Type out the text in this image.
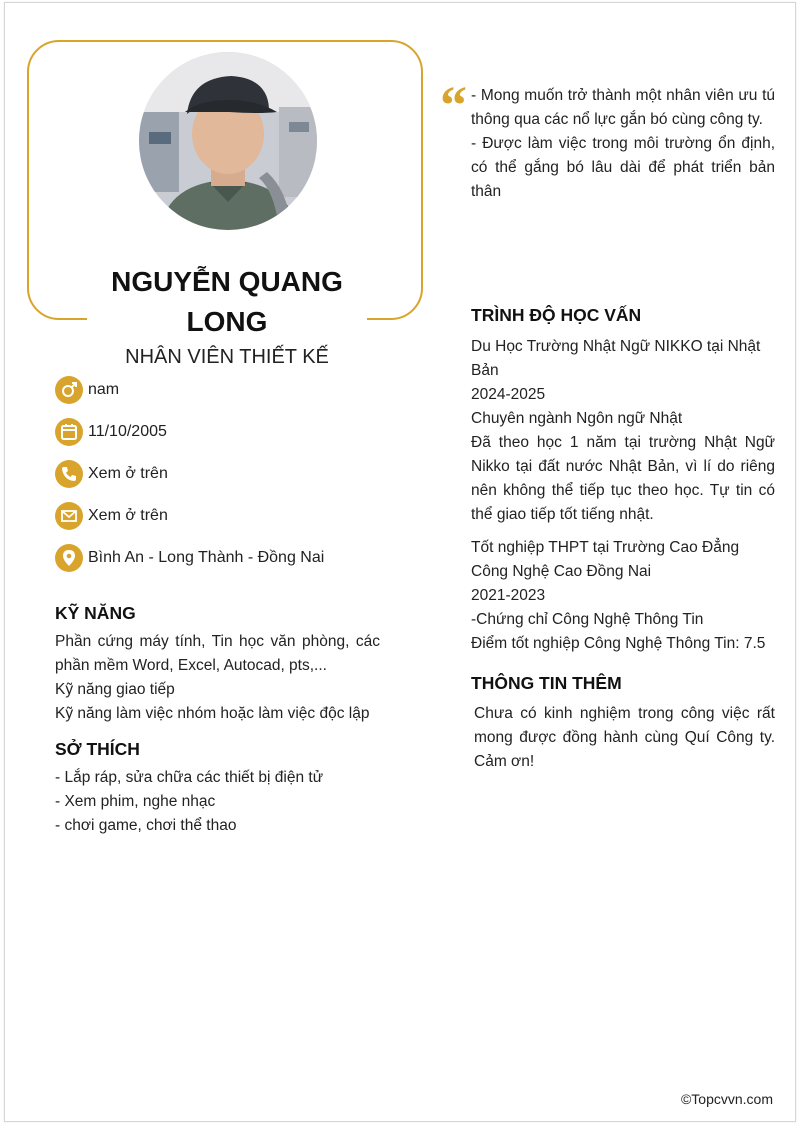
NGUYỄN QUANG
LONG
NHÂN VIÊN THIẾT KẾ
nam
11/10/2005
Xem ở trên
Xem ở trên
Bình An - Long Thành - Đồng Nai
KỸ NĂNG
Phần cứng máy tính, Tin học văn phòng, các phần mềm Word, Excel, Autocad, pts,...
Kỹ năng giao tiếp
Kỹ năng làm việc nhóm hoặc làm việc độc lập
SỞ THÍCH
- Lắp ráp, sửa chữa các thiết bị điện tử
- Xem phim, nghe nhạc
- chơi game, chơi thể thao
“ - Mong muốn trở thành một nhân viên ưu tú thông qua các nổ lực gắn bó cùng công ty.
- Được làm việc trong môi trường ổn định, có thể gắng bó lâu dài để phát triển bản thân
TRÌNH ĐỘ HỌC VẤN
Du Học Trường Nhật Ngữ NIKKO tại Nhật Bản
2024-2025
Chuyên ngành Ngôn ngữ Nhật
Đã theo học 1 năm tại trường Nhật Ngữ Nikko tại đất nước Nhật Bản, vì lí do riêng nên không thể tiếp tục theo học. Tự tin có thể giao tiếp tốt tiếng nhật.
Tốt nghiệp THPT tại Trường Cao Đẳng Công Nghệ Cao Đồng Nai
2021-2023
-Chứng chỉ Công Nghệ Thông Tin
Điểm tốt nghiệp Công Nghệ Thông Tin: 7.5
THÔNG TIN THÊM
Chưa có kinh nghiệm trong công việc rất mong được đồng hành cùng Quí Công ty. Cảm ơn!
©Topcvvn.com
